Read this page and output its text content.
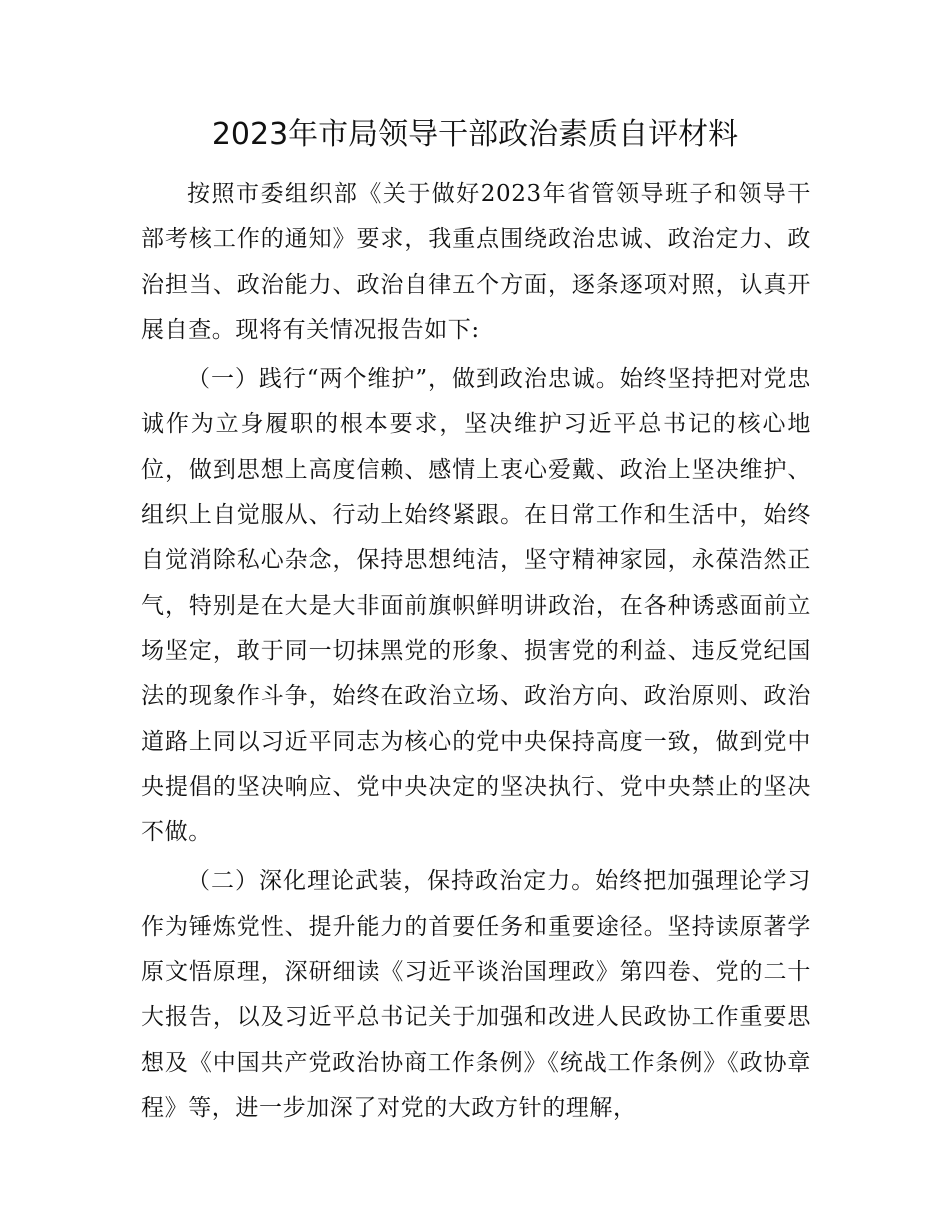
2023年市局领导干部政治素质自评材料

按照市委组织部《关于做好2023年省管领导班子和领导干部考核工作的通知》要求，我重点围绕政治忠诚、政治定力、政治担当、政治能力、政治自律五个方面，逐条逐项对照，认真开展自查。现将有关情况报告如下:

（一）践行“两个维护”，做到政治忠诚。始终坚持把对党忠诚作为立身履职的根本要求，坚决维护习近平总书记的核心地位，做到思想上高度信赖、感情上衷心爱戴、政治上坚决维护、组织上自觉服从、行动上始终紧跟。在日常工作和生活中，始终自觉消除私心杂念，保持思想纯洁，坚守精神家园，永葆浩然正气，特别是在大是大非面前旗帜鲜明讲政治，在各种诱惑面前立场坚定，敢于同一切抹黑党的形象、损害党的利益、违反党纪国法的现象作斗争，始终在政治立场、政治方向、政治原则、政治道路上同以习近平同志为核心的党中央保持高度一致，做到党中央提倡的坚决响应、党中央决定的坚决执行、党中央禁止的坚决不做。

（二）深化理论武装，保持政治定力。始终把加强理论学习作为锤炼党性、提升能力的首要任务和重要途径。坚持读原著学原文悟原理，深研细读《习近平谈治国理政》第四卷、党的二十大报告，以及习近平总书记关于加强和改进人民政协工作重要思想及《中国共产党政治协商工作条例》《统战工作条例》《政协章程》等，进一步加深了对党的大政方针的理解，
